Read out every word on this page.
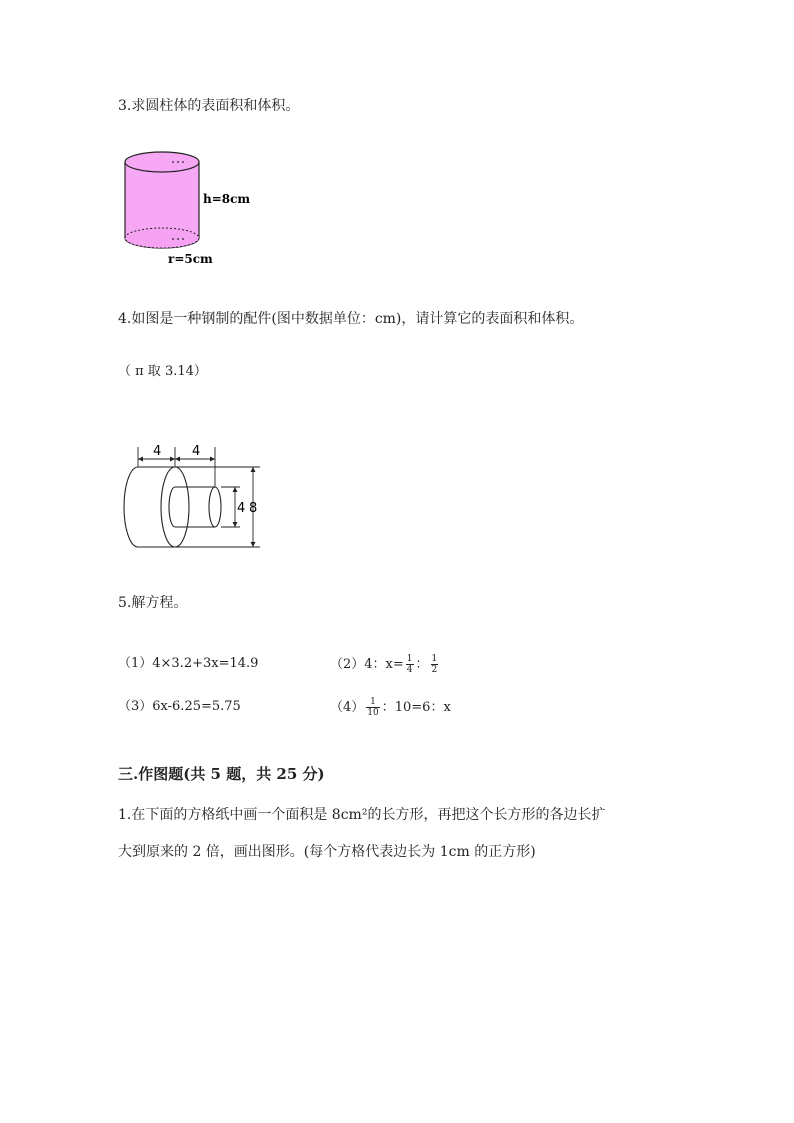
3.求圆柱体的表面积和体积。
h=8cm
r=5cm
4.如图是一种钢制的配件(图中数据单位：cm)，请计算它的表面积和体积。
（ π 取 3.14）
4 4
4 8
5.解方程。
（1）4×3.2+3x=14.9	（2）4：$x= \frac{1}{4}$ ： $\frac{1}{2}$
（3）6x-6.25=5.75	$(4) \frac{1}{10}$ ：10=6：x
三.作图题(共 5 题，共 25 分)
1.在下面的方格纸中画一个面积是 8cm²的长方形，再把这个长方形的各边长扩
大到原来的 2 倍，画出图形。(每个方格代表边长为 1cm 的正方形)
